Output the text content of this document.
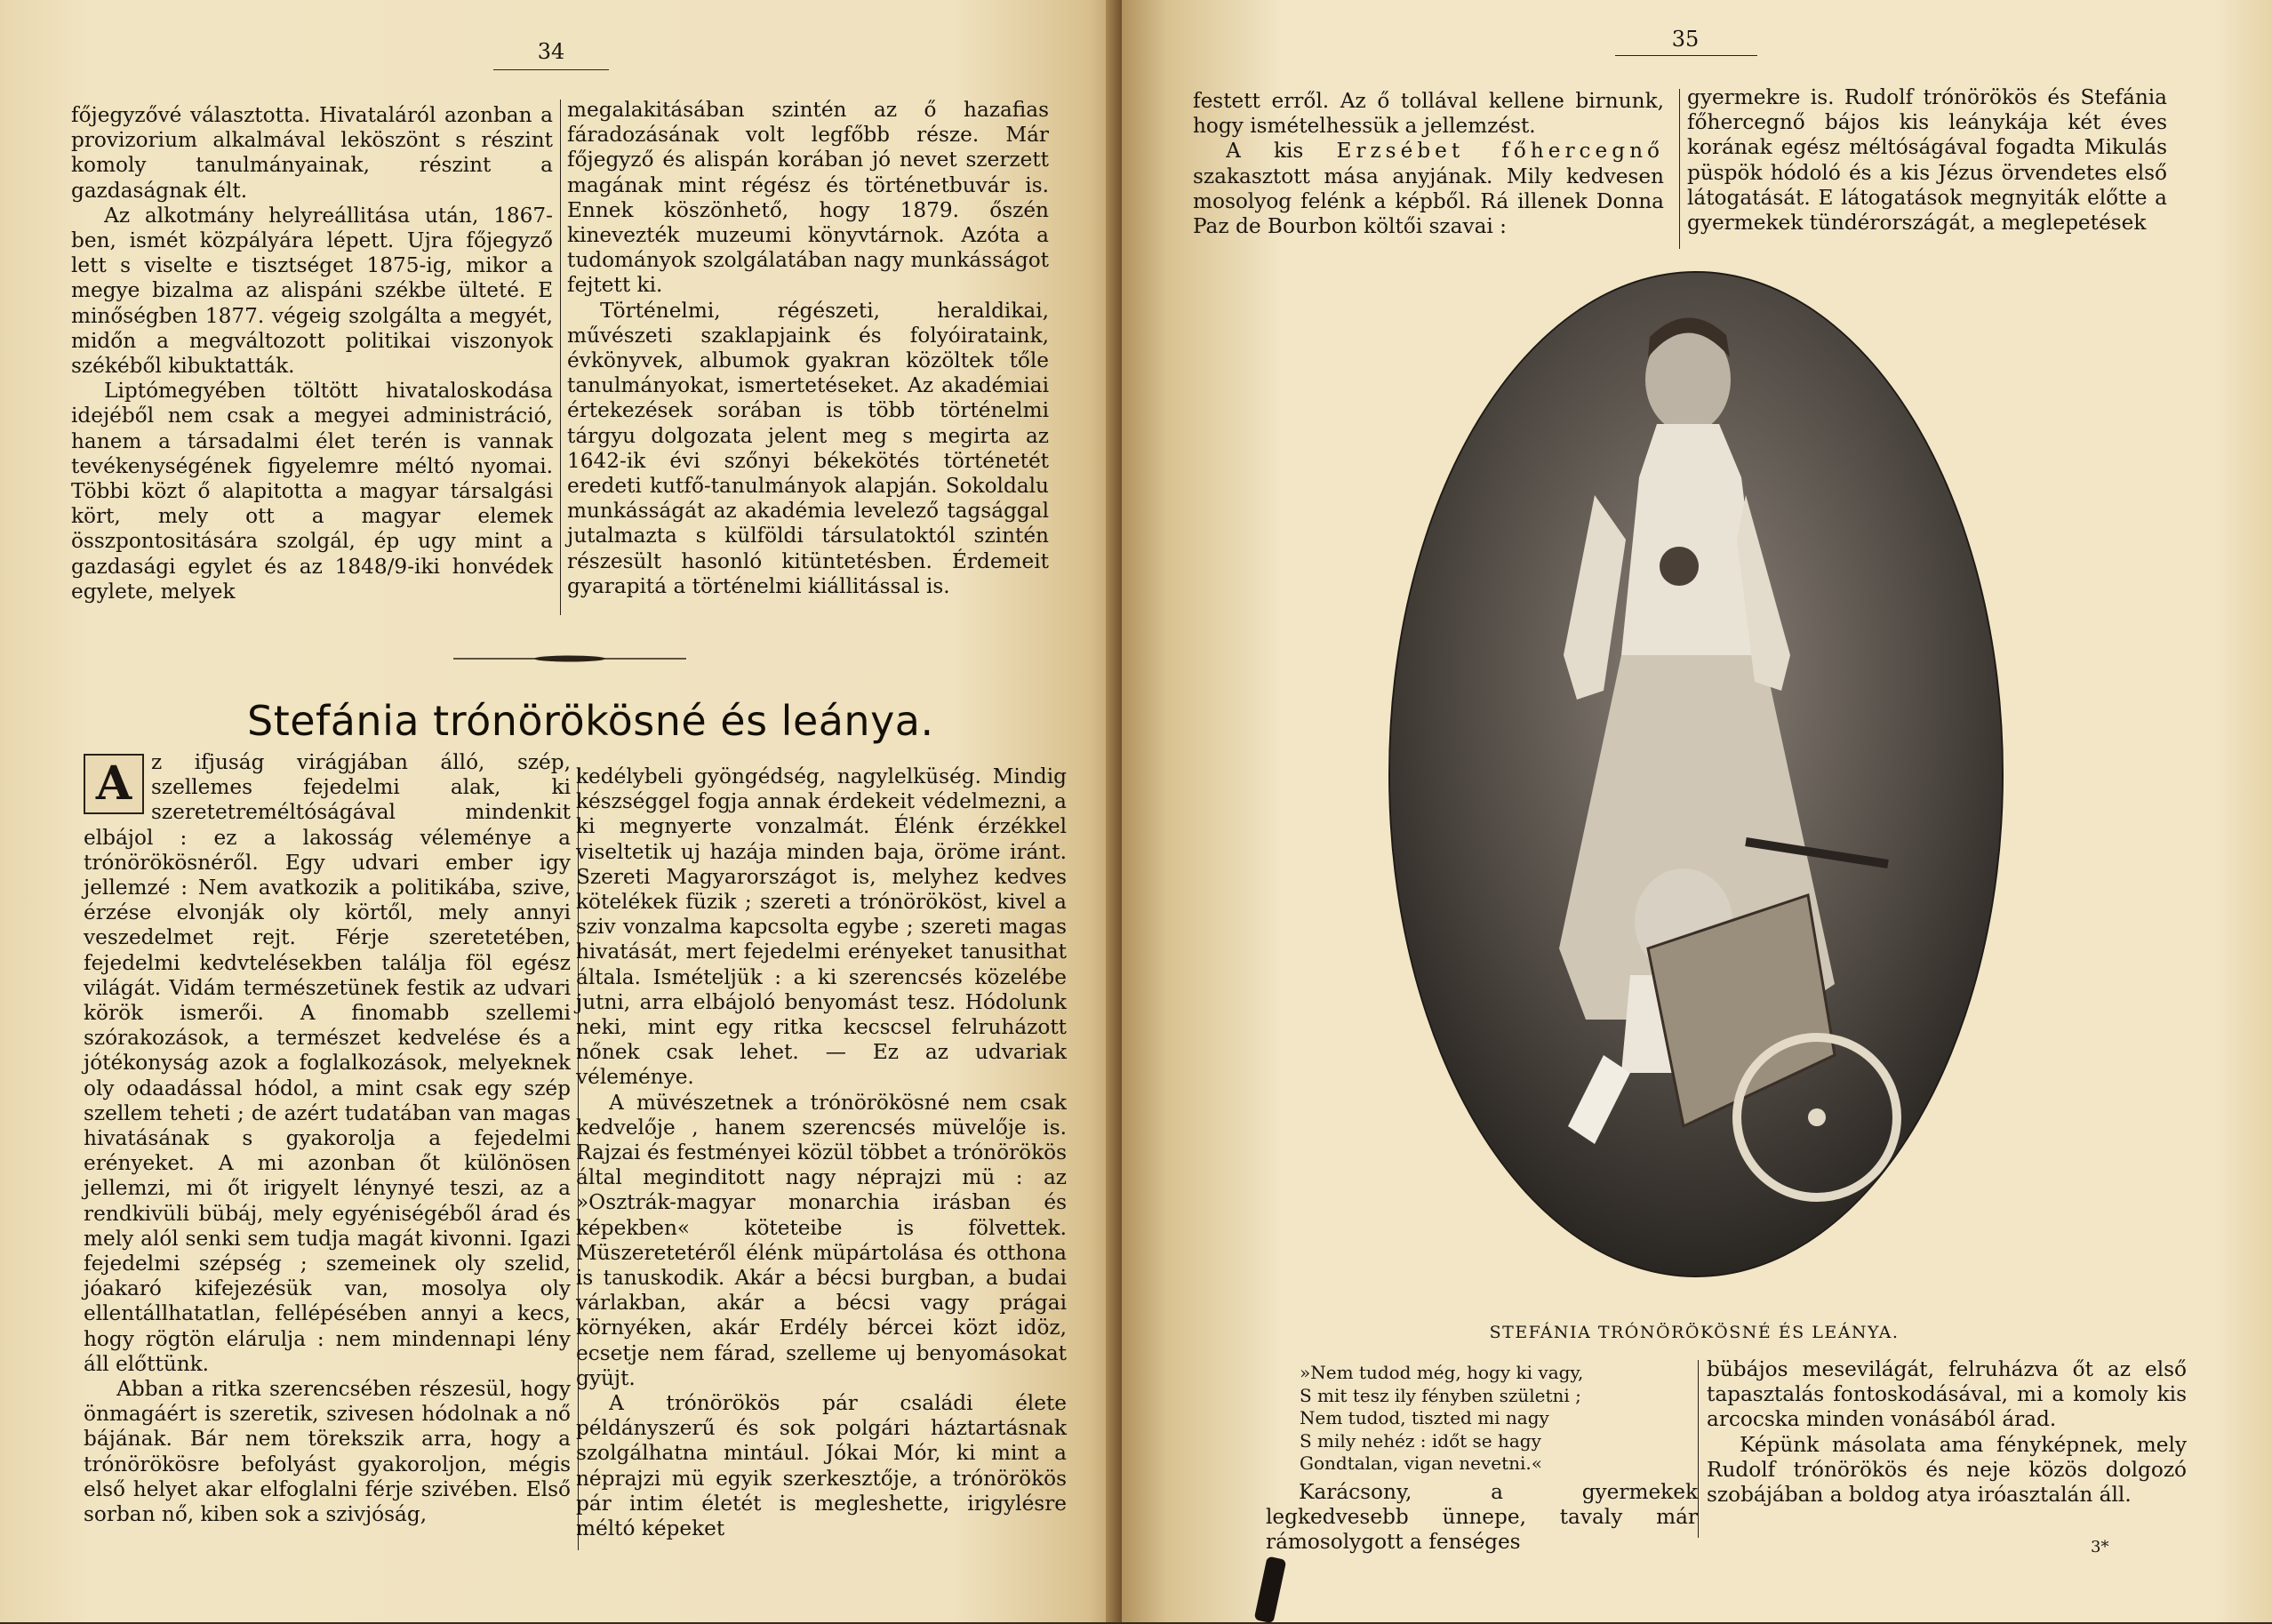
34

főjegyzővé választotta. Hivataláról azonban a provizorium alkalmával leköszönt s részint komoly tanulmányainak, részint a gazdaságnak élt.

Az alkotmány helyreállitása után, 1867-ben, ismét közpályára lépett. Ujra főjegyző lett s viselte e tisztséget 1875-ig, mikor a megye bizalma az alispáni székbe ülteté. E minőségben 1877. végeig szolgálta a megyét, midőn a megváltozott politikai viszonyok székéből kibuktatták.

Liptómegyében töltött hivataloskodása idejéből nem csak a megyei administráció, hanem a társadalmi élet terén is vannak tevékenységének figyelemre méltó nyomai. Többi közt ő alapitotta a magyar társalgási kört, mely ott a magyar elemek összpontositására szolgál, ép ugy mint a gazdasági egylet és az 1848/9-iki honvédek egylete, melyek

megalakitásában szintén az ő hazafias fáradozásának volt legfőbb része. Már főjegyző és alispán korában jó nevet szerzett magának mint régész és történetbuvár is. Ennek köszönhető, hogy 1879. őszén kinevezték muzeumi könyvtárnok. Azóta a tudományok szolgálatában nagy munkásságot fejtett ki.

Történelmi, régészeti, heraldikai, művészeti szaklapjaink és folyóirataink, évkönyvek, albumok gyakran közöltek tőle tanulmányokat, ismertetéseket. Az akadémiai értekezések sorában is több történelmi tárgyu dolgozata jelent meg s megirta az 1642-ik évi szőnyi békekötés történetét eredeti kutfő-tanulmányok alapján. Sokoldalu munkásságát az akadémia levelező tagsággal jutalmazta s külföldi társulatoktól szintén részesült hasonló kitüntetésben. Érdemeit gyarapitá a történelmi kiállitással is.

Stefánia trónörökösné és leánya.

A z ifjuság virágjában álló, szép, szellemes fejedelmi alak, ki szeretetreméltóságával mindenkit elbájol : ez a lakosság véleménye a trónörökösnéről. Egy udvari ember igy jellemzé : Nem avatkozik a politikába, szive, érzése elvonják oly körtől, mely annyi veszedelmet rejt. Férje szeretetében, fejedelmi kedvtelésekben találja föl egész világát. Vidám természetünek festik az udvari körök ismerői. A finomabb szellemi szórakozások, a természet kedvelése és a jótékonyság azok a foglalkozások, melyeknek oly odaadással hódol, a mint csak egy szép szellem teheti ; de azért tudatában van magas hivatásának s gyakorolja a fejedelmi erényeket. A mi azonban őt különösen jellemzi, mi őt irigyelt lénynyé teszi, az a rendkivüli bübáj, mely egyéniségéből árad és mely alól senki sem tudja magát kivonni. Igazi fejedelmi szépség ; szemeinek oly szelid, jóakaró kifejezésük van, mosolya oly ellentállhatatlan, fellépésében annyi a kecs, hogy rögtön elárulja : nem mindennapi lény áll előttünk.

Abban a ritka szerencsében részesül, hogy önmagáért is szeretik, szivesen hódolnak a nő bájának. Bár nem törekszik arra, hogy a trónörökösre befolyást gyakoroljon, mégis első helyet akar elfoglalni férje szivében. Első sorban nő, kiben sok a szivjóság,

kedélybeli gyöngédség, nagylelküség. Mindig készséggel fogja annak érdekeit védelmezni, a ki megnyerte vonzalmát. Élénk érzékkel viseltetik uj hazája minden baja, öröme iránt. Szereti Magyarországot is, melyhez kedves kötelékek füzik ; szereti a trónörököst, kivel a sziv vonzalma kapcsolta egybe ; szereti magas hivatását, mert fejedelmi erényeket tanusithat általa. Ismételjük : a ki szerencsés közelébe jutni, arra elbájoló benyomást tesz. Hódolunk neki, mint egy ritka kecscsel felruházott nőnek csak lehet. — Ez az udvariak véleménye.

A müvészetnek a trónörökösné nem csak kedvelője , hanem szerencsés müvelője is. Rajzai és festményei közül többet a trónörökös által meginditott nagy néprajzi mü : az »Osztrák-magyar monarchia irásban és képekben« köteteibe is fölvettek. Müszeretetéről élénk müpártolása és otthona is tanuskodik. Akár a bécsi burgban, a budai várlakban, akár a bécsi vagy prágai környéken, akár Erdély bércei közt idöz, ecsetje nem fárad, szelleme uj benyomásokat gyüjt.

A trónörökös pár családi élete példányszerű és sok polgári háztartásnak szolgálhatna mintául. Jókai Mór, ki mint a néprajzi mü egyik szerkesztője, a trónörökös pár intim életét is megleshette, irigylésre méltó képeket

35

festett erről. Az ő tollával kellene birnunk, hogy ismételhessük a jellemzést.

A kis Erzsébet főhercegnő szakasztott mása anyjának. Mily kedvesen mosolyog felénk a képből. Rá illenek Donna Paz de Bourbon költői szavai :

gyermekre is. Rudolf trónörökös és Stefánia főhercegnő bájos kis leánykája két éves korának egész méltóságával fogadta Mikulás püspök hódoló és a kis Jézus örvendetes első látogatását. E látogatások megnyiták előtte a gyermekek tündérországát, a meglepetések

STEFÁNIA TRÓNÖRÖKÖSNÉ ÉS LEÁNYA.
»Nem tudod még, hogy ki vagy,
S mit tesz ily fényben születni ;
Nem tudod, tiszted mi nagy
S mily nehéz : időt se hagy
Gondtalan, vigan nevetni.«

Karácsony, a gyermekek legkedvesebb ünnepe, tavaly már rámosolygott a fenséges

bübájos mesevilágát, felruházva őt az első tapasztalás fontoskodásával, mi a komoly kis arcocska minden vonásából árad.

Képünk másolata ama fényképnek, mely Rudolf trónörökös és neje közös dolgozó szobájában a boldog atya iróasztalán áll.

3*
